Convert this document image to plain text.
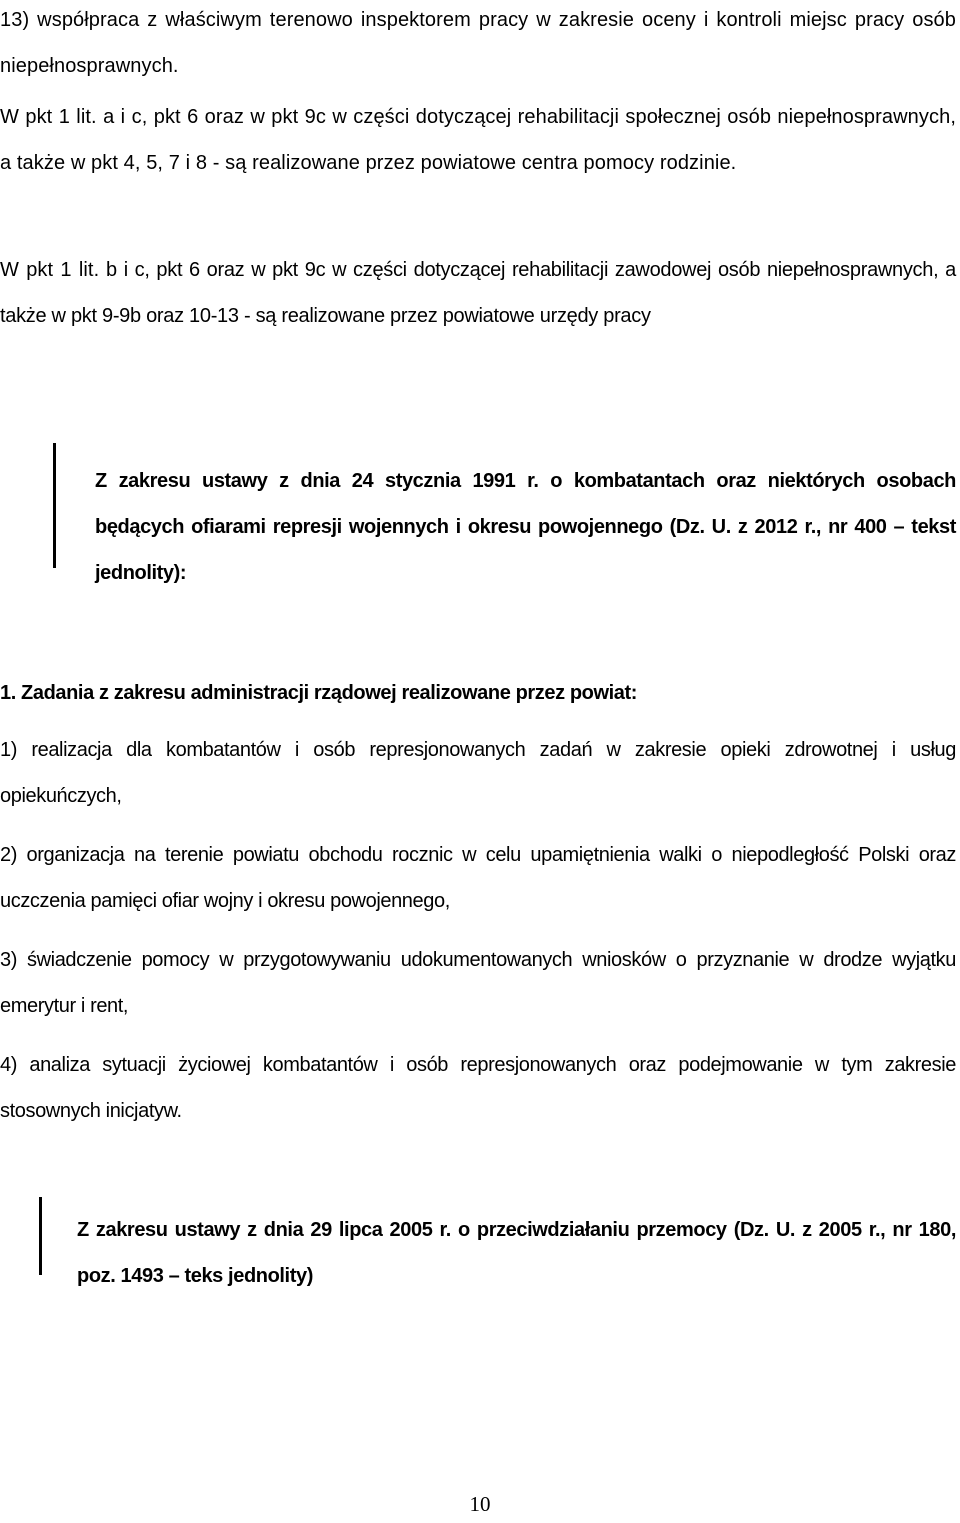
13) współpraca z właściwym terenowo inspektorem pracy w zakresie oceny i kontroli miejsc pracy osób niepełnosprawnych.

W pkt 1 lit. a i c, pkt 6 oraz w pkt 9c w części dotyczącej rehabilitacji społecznej osób niepełnosprawnych, a także w pkt 4, 5, 7 i 8 - są realizowane przez powiatowe centra pomocy rodzinie.

W pkt 1 lit. b i c, pkt 6 oraz w pkt 9c w części dotyczącej rehabilitacji zawodowej osób niepełnosprawnych, a także w pkt 9-9b oraz 10-13 - są realizowane przez powiatowe urzędy pracy

Z zakresu ustawy z dnia 24 stycznia 1991 r. o kombatantach oraz niektórych osobach będących ofiarami represji wojennych i okresu powojennego (Dz. U. z 2012 r., nr 400 – tekst jednolity):

1. Zadania z zakresu administracji rządowej realizowane przez powiat:

1) realizacja dla kombatantów i osób represjonowanych zadań w zakresie opieki zdrowotnej i usług opiekuńczych,

2) organizacja na terenie powiatu obchodu rocznic w celu upamiętnienia walki o niepodległość Polski oraz uczczenia pamięci ofiar wojny i okresu powojennego,

3) świadczenie pomocy w przygotowywaniu udokumentowanych wniosków o przyznanie w drodze wyjątku emerytur i rent,

4) analiza sytuacji życiowej kombatantów i osób represjonowanych oraz podejmowanie w tym zakresie stosownych inicjatyw.

Z zakresu ustawy z dnia 29 lipca 2005 r. o przeciwdziałaniu przemocy (Dz. U. z 2005 r., nr 180, poz. 1493 – teks jednolity)

10
